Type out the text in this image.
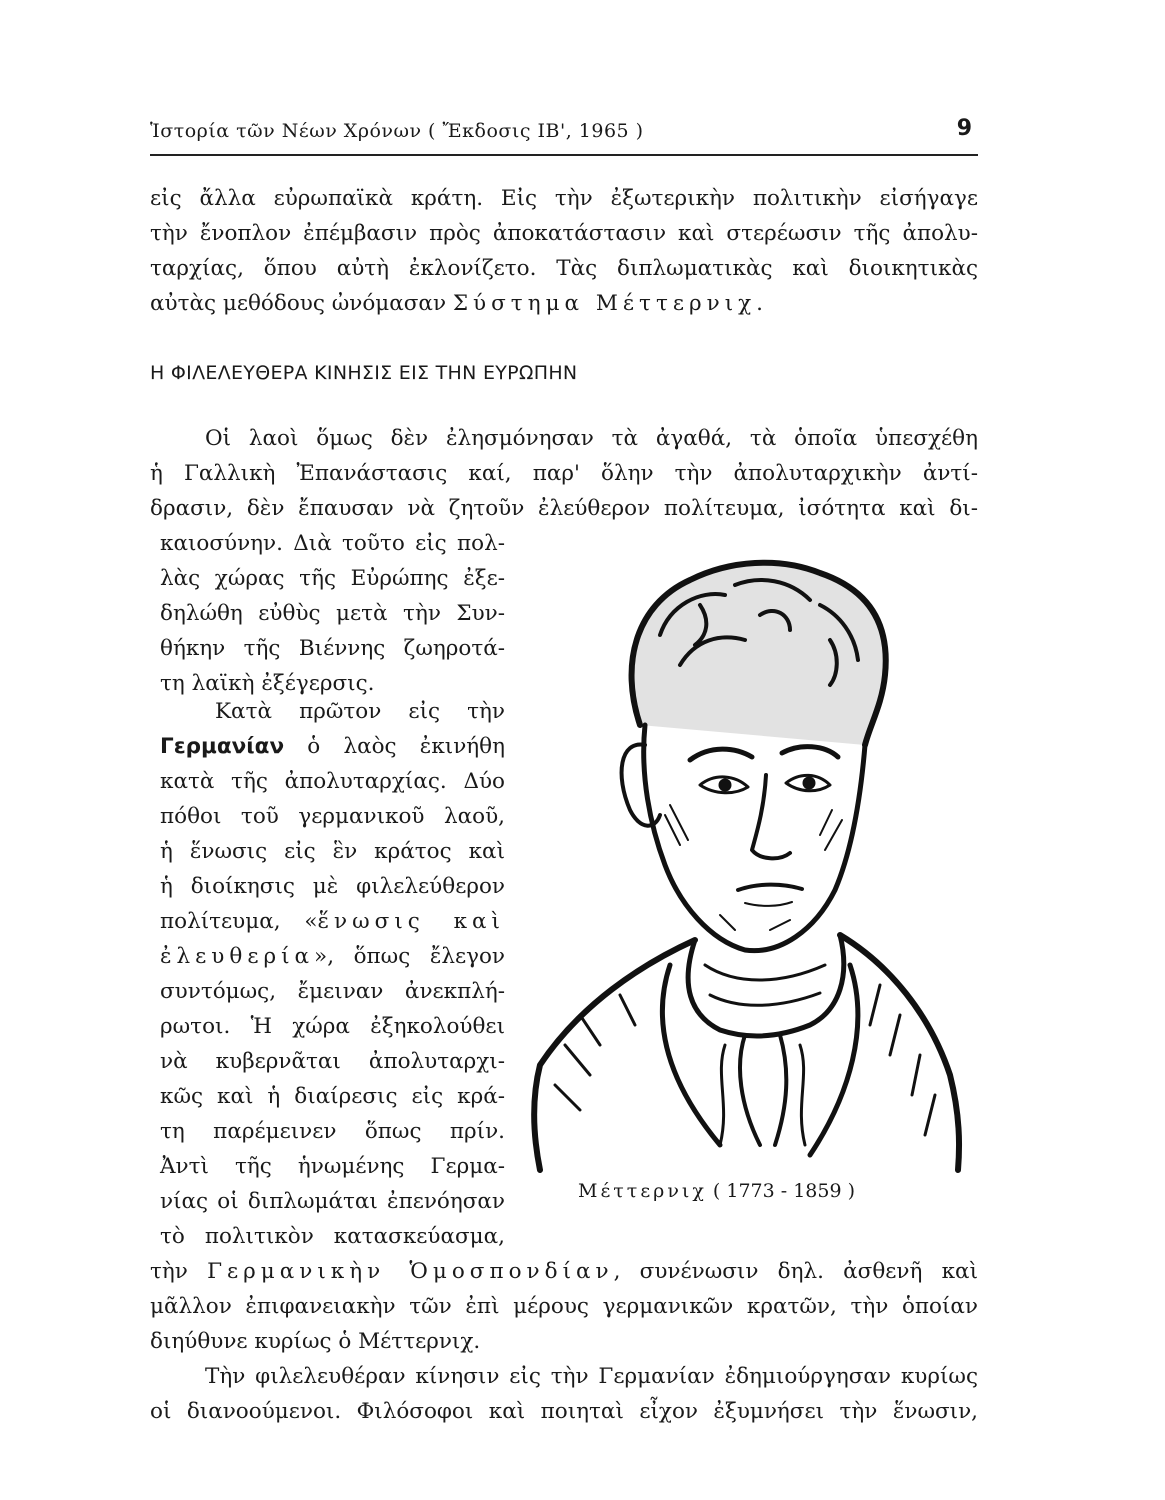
Ἱστορία τῶν Νέων Χρόνων ( Ἔκδοσις ΙΒ', 1965 )	9
εἰς ἄλλα εὐρωπαϊκὰ κράτη. Εἰς τὴν ἐξωτερικὴν πολιτικὴν εἰσήγαγε
τὴν ἔνοπλον ἐπέμβασιν πρὸς ἀποκατάστασιν καὶ στερέωσιν τῆς ἀπολυ-
ταρχίας, ὅπου αὐτὴ ἐκλονίζετο. Τὰς διπλωματικὰς καὶ διοικητικὰς
αὐτὰς μεθόδους ὠνόμασαν Σύστημα Μέττερνιχ.
Η ΦΙΛΕΛΕΥΘΕΡΑ ΚΙΝΗΣΙΣ ΕΙΣ ΤΗΝ ΕΥΡΩΠΗΝ
Οἱ λαοὶ ὅμως δὲν ἐλησμόνησαν τὰ ἀγαθά, τὰ ὁποῖα ὑπεσχέθη
ἡ Γαλλικὴ Ἐπανάστασις καί, παρ' ὅλην τὴν ἀπολυταρχικὴν ἀντί-
δρασιν, δὲν ἔπαυσαν νὰ ζητοῦν ἐλεύθερον πολίτευμα, ἰσότητα καὶ δι-
καιοσύνην. Διὰ τοῦτο εἰς πολ-
λὰς χώρας τῆς Εὐρώπης ἐξε-
δηλώθη εὐθὺς μετὰ τὴν Συν-
θήκην τῆς Βιέννης ζωηροτά-
τη λαϊκὴ ἐξέγερσις.
Κατὰ πρῶτον εἰς τὴν
Γερμανίαν ὁ λαὸς ἐκινήθη
κατὰ τῆς ἀπολυταρχίας. Δύο
πόθοι τοῦ γερμανικοῦ λαοῦ,
ἡ ἕνωσις εἰς ἓν κράτος καὶ
ἡ διοίκησις μὲ φιλελεύθερον
πολίτευμα, «ἕνωσις καὶ
ἐλευθερία», ὅπως ἔλεγον
συντόμως, ἔμειναν ἀνεκπλή-
ρωτοι. Ἡ χώρα ἐξηκολούθει
νὰ κυβερνᾶται ἀπολυταρχι-
κῶς καὶ ἡ διαίρεσις εἰς κρά-
τη παρέμεινεν ὅπως πρίν.
Ἀντὶ τῆς ἡνωμένης Γερμα-
νίας οἱ διπλωμάται ἐπενόησαν
τὸ πολιτικὸν κατασκεύασμα,
τὴν Γερμανικὴν Ὁμοσπονδίαν, συνένωσιν δηλ. ἀσθενῆ καὶ
μᾶλλον ἐπιφανειακὴν τῶν ἐπὶ μέρους γερμανικῶν κρατῶν, τὴν ὁποίαν
διηύθυνε κυρίως ὁ Μέττερνιχ.
Τὴν φιλελευθέραν κίνησιν εἰς τὴν Γερμανίαν ἐδημιούργησαν κυρίως
οἱ διανοούμενοι. Φιλόσοφοι καὶ ποιηταὶ εἶχον ἐξυμνήσει τὴν ἕνωσιν,
Μέττερνιχ ( 1773 - 1859 )
